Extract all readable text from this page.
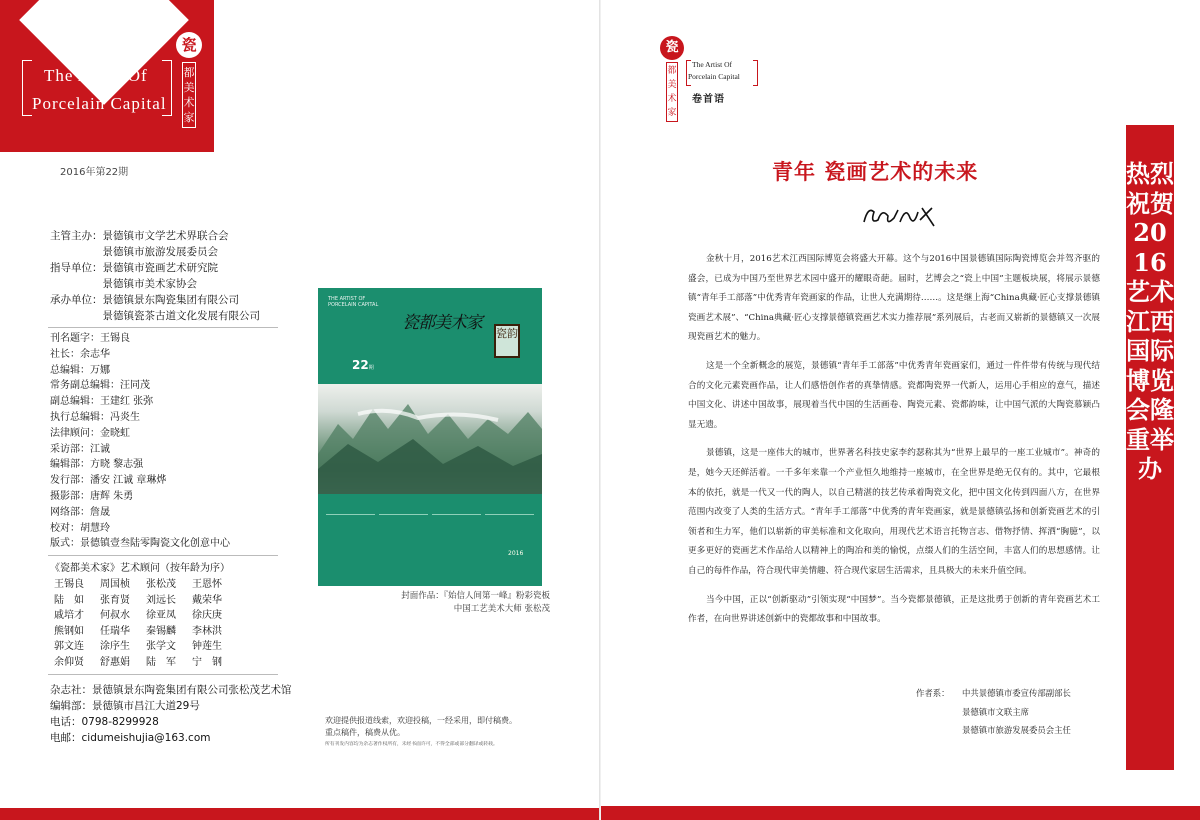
瓷
都美术家
The Artist Of
Porcelain Capital
2016年第22期
主管主办：景德镇市文学艺术界联合会
　　　　　景德镇市旅游发展委员会
指导单位：景德镇市瓷画艺术研究院
　　　　　景德镇市美术家协会
承办单位：景德镇景东陶瓷集团有限公司
　　　　　景德镇瓷茶古道文化发展有限公司
刊名题字：王锡良
社长：余志华
总编辑：万娜
常务副总编辑：汪同茂
副总编辑：王建红 张弥
执行总编辑：冯炎生
法律顾问：金晓虹
采访部：江诚
编辑部：方晓 黎志强
发行部：潘安 江诚 章琳烨
摄影部：唐辉 朱勇
网络部：詹晟
校对：胡慧玲
版式：景德镇壹叁陆零陶瓷文化创意中心
《瓷都美术家》艺术顾问（按年龄为序）
王锡良	周国桢	张松茂	王恩怀
陆　如	张育贤	刘远长	戴荣华
戚培才	何叔水	徐亚凤	徐庆庚
熊钢如	任瑞华	秦锡麟	李林洪
郭文连	涂序生	张学文	钟莲生
余仰贤	舒惠娟	陆　军	宁　钢
杂志社：景德镇景东陶瓷集团有限公司张松茂艺术馆
编辑部：景德镇市昌江大道29号
电话：0798-8299928
电邮：cidumeishujia@163.com
THE ARTIST OF PORCELAIN CAPITAL
瓷都美术家
瓷韵
22期
2016
封面作品：『始信人间第一峰』粉彩瓷板
中国工艺美术大师 张松茂
欢迎提供报道线索，欢迎投稿，一经采用，即付稿费。
重点稿件，稿费从优。
所有刊发内容均为杂志著作权所有，未经书面许可，不得全部或部分翻译或转载。
瓷
都美术家
The Artist Of
Porcelain Capital
卷首语
青年 瓷画艺术的未来

金秋十月，2016艺术江西国际博览会将盛大开幕。这个与2016中国景德镇国际陶瓷博览会并驾齐驱的盛会，已成为中国乃至世界艺术园中盛开的耀眼奇葩。届时，艺博会之“瓷上中国”主题板块展，将展示景德镇“青年手工部落”中优秀青年瓷画家的作品，让世人充满期待……。这是继上海“China典藏·匠心支撑景德镇瓷画艺术展”、“China典藏·匠心支撑景德镇瓷画艺术实力推荐展”系列展后，古老而又崭新的景德镇又一次展现瓷画艺术的魅力。

这是一个全新概念的展览，景德镇“青年手工部落”中优秀青年瓷画家们，通过一件件带有传统与现代结合的文化元素瓷画作品，让人们感悟创作者的真挚情感。瓷都陶瓷界一代新人，运用心手相应的意气，描述中国文化、讲述中国故事，展现着当代中国的生活画卷、陶瓷元素、瓷都韵味，让中国气派的大陶瓷慕颖凸显无遗。

景德镇，这是一座伟大的城市，世界著名科技史家李约瑟称其为“世界上最早的一座工业城市”。神奇的是，她今天还鲜活着。一千多年来靠一个产业恒久地维持一座城市，在全世界是绝无仅有的。其中，它最根本的依托，就是一代又一代的陶人，以自己精湛的技艺传承着陶瓷文化，把中国文化传到四面八方，在世界范围内改变了人类的生活方式。“青年手工部落”中优秀的青年瓷画家，就是景德镇弘扬和创新瓷画艺术的引领者和生力军，他们以崭新的审美标准和文化取向，用现代艺术语言托物言志、借物抒情、挥洒“胸臆”，以更多更好的瓷画艺术作品给人以精神上的陶冶和美的愉悦，点缀人们的生活空间，丰富人们的思想感情。让自己的每件作品，符合现代审美情趣、符合现代家居生活需求，且具极大的未来升值空间。

当今中国，正以“创新驱动”引领实现“中国梦”。当今瓷都景德镇，正是这批勇于创新的青年瓷画艺术工作者，在向世界讲述创新中的瓷都故事和中国故事。

作者系：	中共景德镇市委宣传部副部长
景德镇市文联主席
景德镇市旅游发展委员会主任
热烈祝贺2016艺术江西国际博览会隆重举办
